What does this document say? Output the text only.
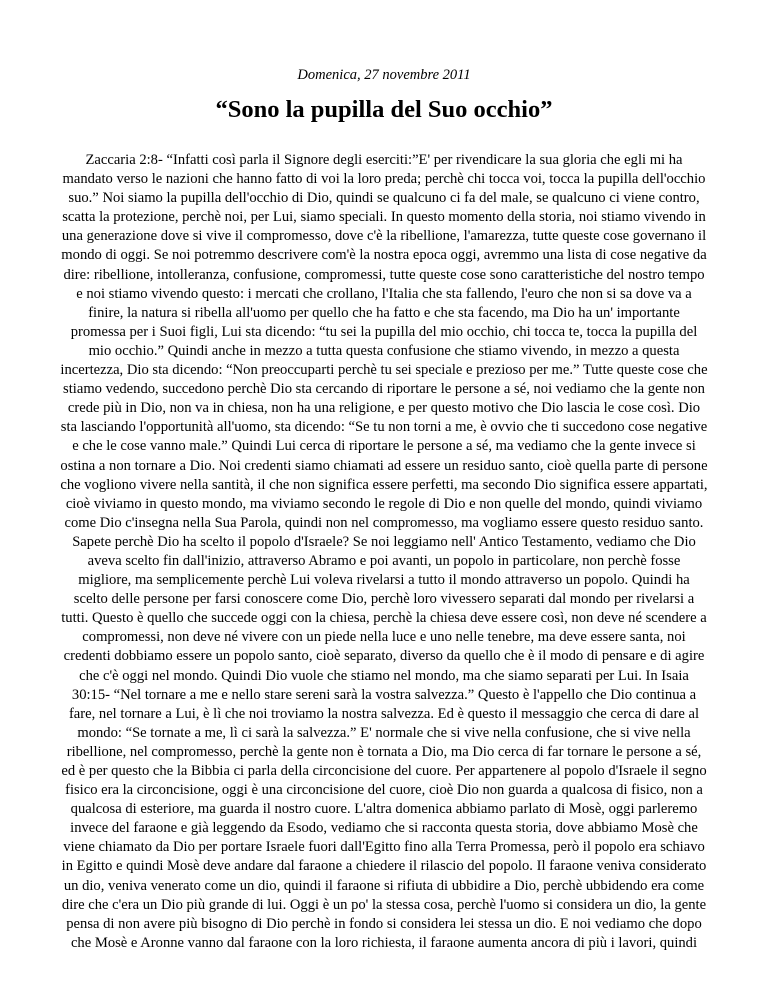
Domenica, 27 novembre 2011
“Sono la pupilla del Suo occhio”

Zaccaria 2:8- “Infatti così parla il Signore degli eserciti:”E' per rivendicare la sua gloria che egli mi ha mandato verso le nazioni che hanno fatto di voi la loro preda; perchè chi tocca voi, tocca la pupilla dell'occhio suo.” Noi siamo la pupilla dell'occhio di Dio, quindi se qualcuno ci fa del male, se qualcuno ci viene contro, scatta la protezione, perchè noi, per Lui, siamo speciali. In questo momento della storia, noi stiamo vivendo in una generazione dove si vive il compromesso, dove c'è la ribellione, l'amarezza, tutte queste cose governano il mondo di oggi. Se noi potremmo descrivere com'è la nostra epoca oggi, avremmo una lista di cose negative da dire: ribellione, intolleranza, confusione, compromessi, tutte queste cose sono caratteristiche del nostro tempo e noi stiamo vivendo questo: i mercati che crollano, l'Italia che sta fallendo, l'euro che non si sa dove va a finire, la natura si ribella all'uomo per quello che ha fatto e che sta facendo, ma Dio ha un' importante promessa per i Suoi figli, Lui sta dicendo: “tu sei la pupilla del mio occhio, chi tocca te, tocca la pupilla del mio occhio.” Quindi anche in mezzo a tutta questa confusione che stiamo vivendo, in mezzo a questa incertezza, Dio sta dicendo: “Non preoccuparti perchè tu sei speciale e prezioso per me.” Tutte queste cose che stiamo vedendo, succedono perchè Dio sta cercando di riportare le persone a sé, noi vediamo che la gente non crede più in Dio, non va in chiesa, non ha una religione, e per questo motivo che Dio lascia le cose così. Dio sta lasciando l'opportunità all'uomo, sta dicendo: “Se tu non torni a me, è ovvio che ti succedono cose negative e che le cose vanno male.” Quindi Lui cerca di riportare le persone a sé, ma vediamo che la gente invece si ostina a non tornare a Dio. Noi credenti siamo chiamati ad essere un residuo santo, cioè quella parte di persone che vogliono vivere nella santità, il che non significa essere perfetti, ma secondo Dio significa essere appartati, cioè viviamo in questo mondo, ma viviamo secondo le regole di Dio e non quelle del mondo, quindi viviamo come Dio c'insegna nella Sua Parola, quindi non nel compromesso, ma vogliamo essere questo residuo santo. Sapete perchè Dio ha scelto il popolo d'Israele? Se noi leggiamo nell' Antico Testamento, vediamo che Dio aveva scelto fin dall'inizio, attraverso Abramo e poi avanti, un popolo in particolare, non perchè fosse migliore, ma semplicemente perchè Lui voleva rivelarsi a tutto il mondo attraverso un popolo. Quindi ha scelto delle persone per farsi conoscere come Dio, perchè loro vivessero separati dal mondo per rivelarsi a tutti. Questo è quello che succede oggi con la chiesa, perchè la chiesa deve essere così, non deve né scendere a compromessi, non deve né vivere con un piede nella luce e uno nelle tenebre, ma deve essere santa, noi credenti dobbiamo essere un popolo santo, cioè separato, diverso da quello che è il modo di pensare e di agire che c'è oggi nel mondo. Quindi Dio vuole che stiamo nel mondo, ma che siamo separati per Lui. In Isaia 30:15- “Nel tornare a me e nello stare sereni sarà la vostra salvezza.” Questo è l'appello che Dio continua a fare, nel tornare a Lui, è lì che noi troviamo la nostra salvezza. Ed è questo il messaggio che cerca di dare al mondo: “Se tornate a me, lì ci sarà la salvezza.” E' normale che si vive nella confusione, che si vive nella ribellione, nel compromesso, perchè la gente non è tornata a Dio, ma Dio cerca di far tornare le persone a sé, ed è per questo che la Bibbia ci parla della circoncisione del cuore. Per appartenere al popolo d'Israele il segno fisico era la circoncisione, oggi è una circoncisione del cuore, cioè Dio non guarda a qualcosa di fisico, non a qualcosa di esteriore, ma guarda il nostro cuore. L'altra domenica abbiamo parlato di Mosè, oggi parleremo invece del faraone e già leggendo da Esodo, vediamo che si racconta questa storia, dove abbiamo Mosè che viene chiamato da Dio per portare Israele fuori dall'Egitto fino alla Terra Promessa, però il popolo era schiavo in Egitto e quindi Mosè deve andare dal faraone a chiedere il rilascio del popolo. Il faraone veniva considerato un dio, veniva venerato come un dio, quindi il faraone si rifiuta di ubbidire a Dio, perchè ubbidendo era come dire che c'era un Dio più grande di lui. Oggi è un po' la stessa cosa, perchè l'uomo si considera un dio, la gente pensa di non avere più bisogno di Dio perchè in fondo si considera lei stessa un dio. E noi vediamo che dopo che Mosè e Aronne vanno dal faraone con la loro richiesta, il faraone aumenta ancora di più i lavori, quindi
